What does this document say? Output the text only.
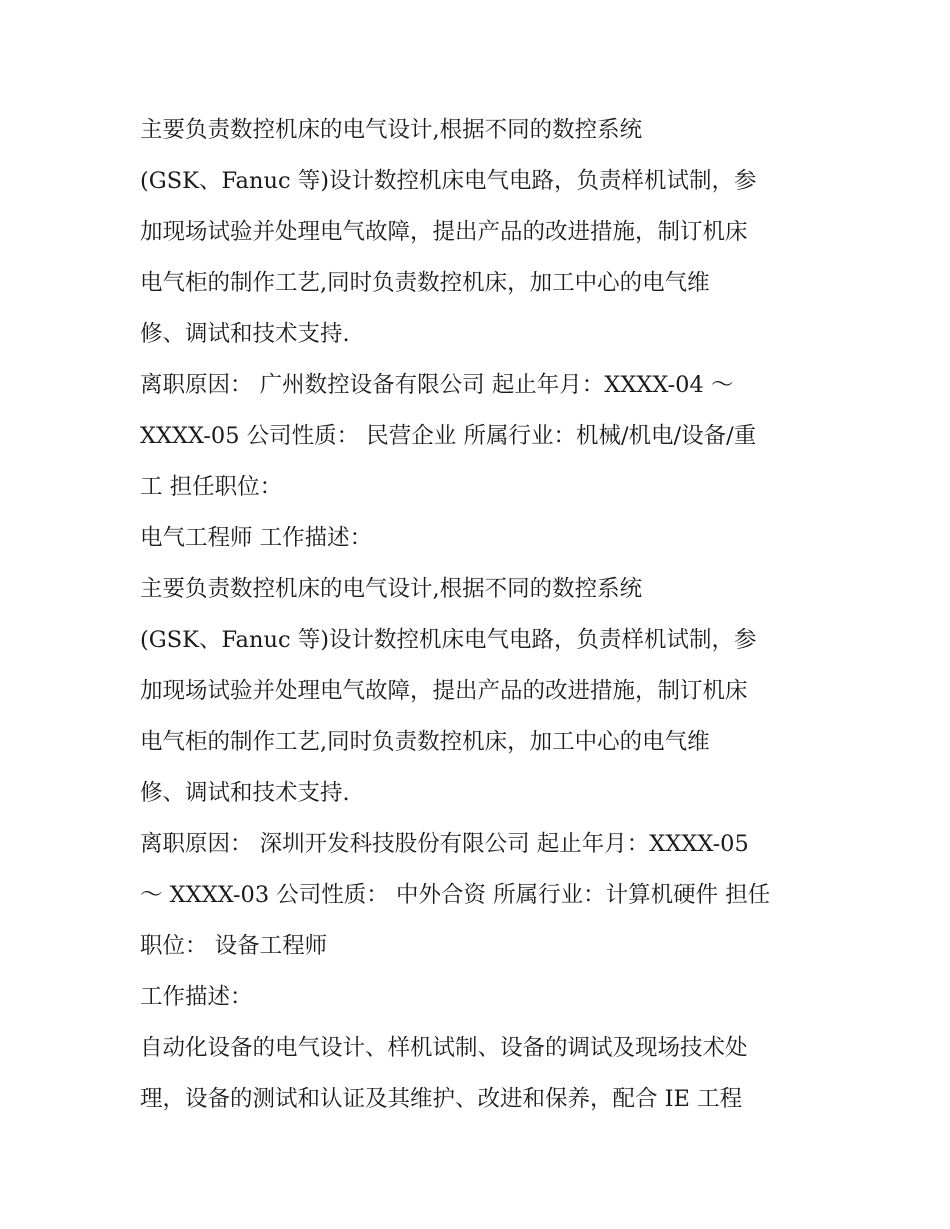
主要负责数控机床的电气设计,根据不同的数控系统
(GSK、Fanuc 等)设计数控机床电气电路，负责样机试制，参
加现场试验并处理电气故障，提出产品的改进措施，制订机床
电气柜的制作工艺,同时负责数控机床，加工中心的电气维
修、调试和技术支持.
离职原因： 广州数控设备有限公司 起止年月：XXXX-04 ～
XXXX-05 公司性质： 民营企业 所属行业：机械/机电/设备/重
工 担任职位：
电气工程师 工作描述：
主要负责数控机床的电气设计,根据不同的数控系统
(GSK、Fanuc 等)设计数控机床电气电路，负责样机试制，参
加现场试验并处理电气故障，提出产品的改进措施，制订机床
电气柜的制作工艺,同时负责数控机床，加工中心的电气维
修、调试和技术支持.
离职原因： 深圳开发科技股份有限公司 起止年月：XXXX-05
～ XXXX-03 公司性质： 中外合资 所属行业：计算机硬件 担任
职位： 设备工程师
工作描述：
自动化设备的电气设计、样机试制、设备的调试及现场技术处
理，设备的测试和认证及其维护、改进和保养，配合 IE 工程
